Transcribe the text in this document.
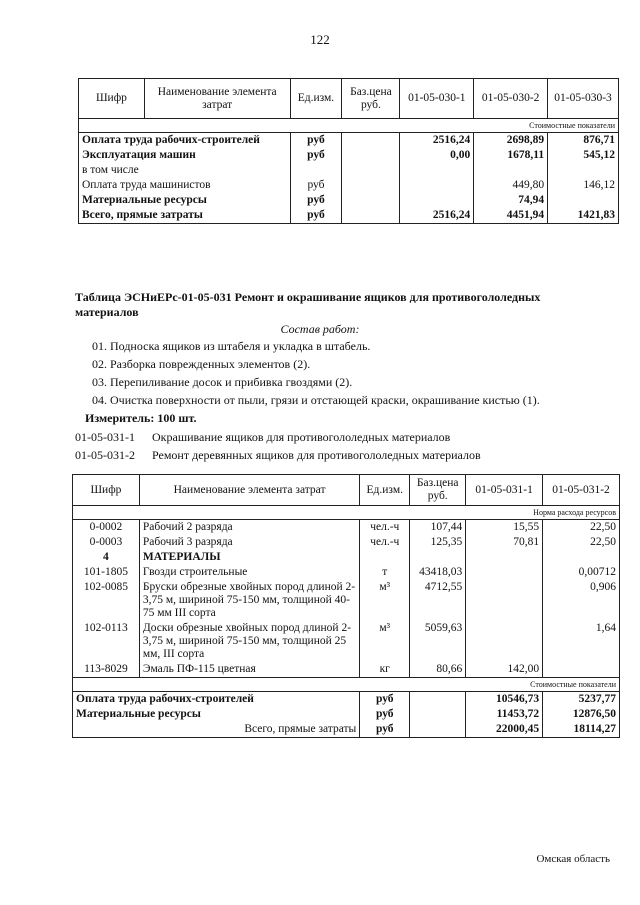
122
Шифр	Наименование элемента затрат	Ед.изм.	Баз.цена руб.	01-05-030-1	01-05-030-2	01-05-030-3
Стоимостные показатели						
Оплата труда рабочих-строителей		руб		2516,24	2698,89	876,71
Эксплуатация машин		руб		0,00	1678,11	545,12
в том числе						
Оплата труда машинистов		руб			449,80	146,12
Материальные ресурсы		руб			74,94	
Всего, прямые затраты		руб		2516,24	4451,94	1421,83
Таблица ЭСНиЕРс-01-05-031 Ремонт и окрашивание ящиков для противогололедных материалов
Состав работ:
01. Подноска ящиков из штабеля и укладка в штабель.
02. Разборка поврежденных элементов (2).
03. Перепиливание досок и прибивка гвоздями (2).
04. Очистка поверхности от пыли, грязи и отстающей краски, окрашивание кистью (1).
Измеритель: 100 шт.
01-05-031-1 Окрашивание ящиков для противогололедных материалов
01-05-031-2 Ремонт деревянных ящиков для противогололедных материалов
Шифр	Наименование элемента затрат	Ед.изм.	Баз.цена руб.	01-05-031-1	01-05-031-2
Норма расхода ресурсов					
0-0002	Рабочий 2 разряда	чел.-ч	107,44	15,55	22,50
0-0003	Рабочий 3 разряда	чел.-ч	125,35	70,81	22,50
4	МАТЕРИАЛЫ				
101-1805	Гвозди строительные	т	43418,03		0,00712
102-0085	Бруски обрезные хвойных пород длиной 2-3,75 м, шириной 75-150 мм, толщиной 40-75 мм III сорта	м³	4712,55		0,906
102-0113	Доски обрезные хвойных пород длиной 2-3,75 м, шириной 75-150 мм, толщиной 25 мм, III сорта	м³	5059,63		1,64
113-8029	Эмаль ПФ-115 цветная	кг	80,66	142,00	
Стоимостные показатели					
Оплата труда рабочих-строителей		руб		10546,73	5237,77
Материальные ресурсы		руб		11453,72	12876,50
Всего, прямые затраты		руб		22000,45	18114,27
Омская область
